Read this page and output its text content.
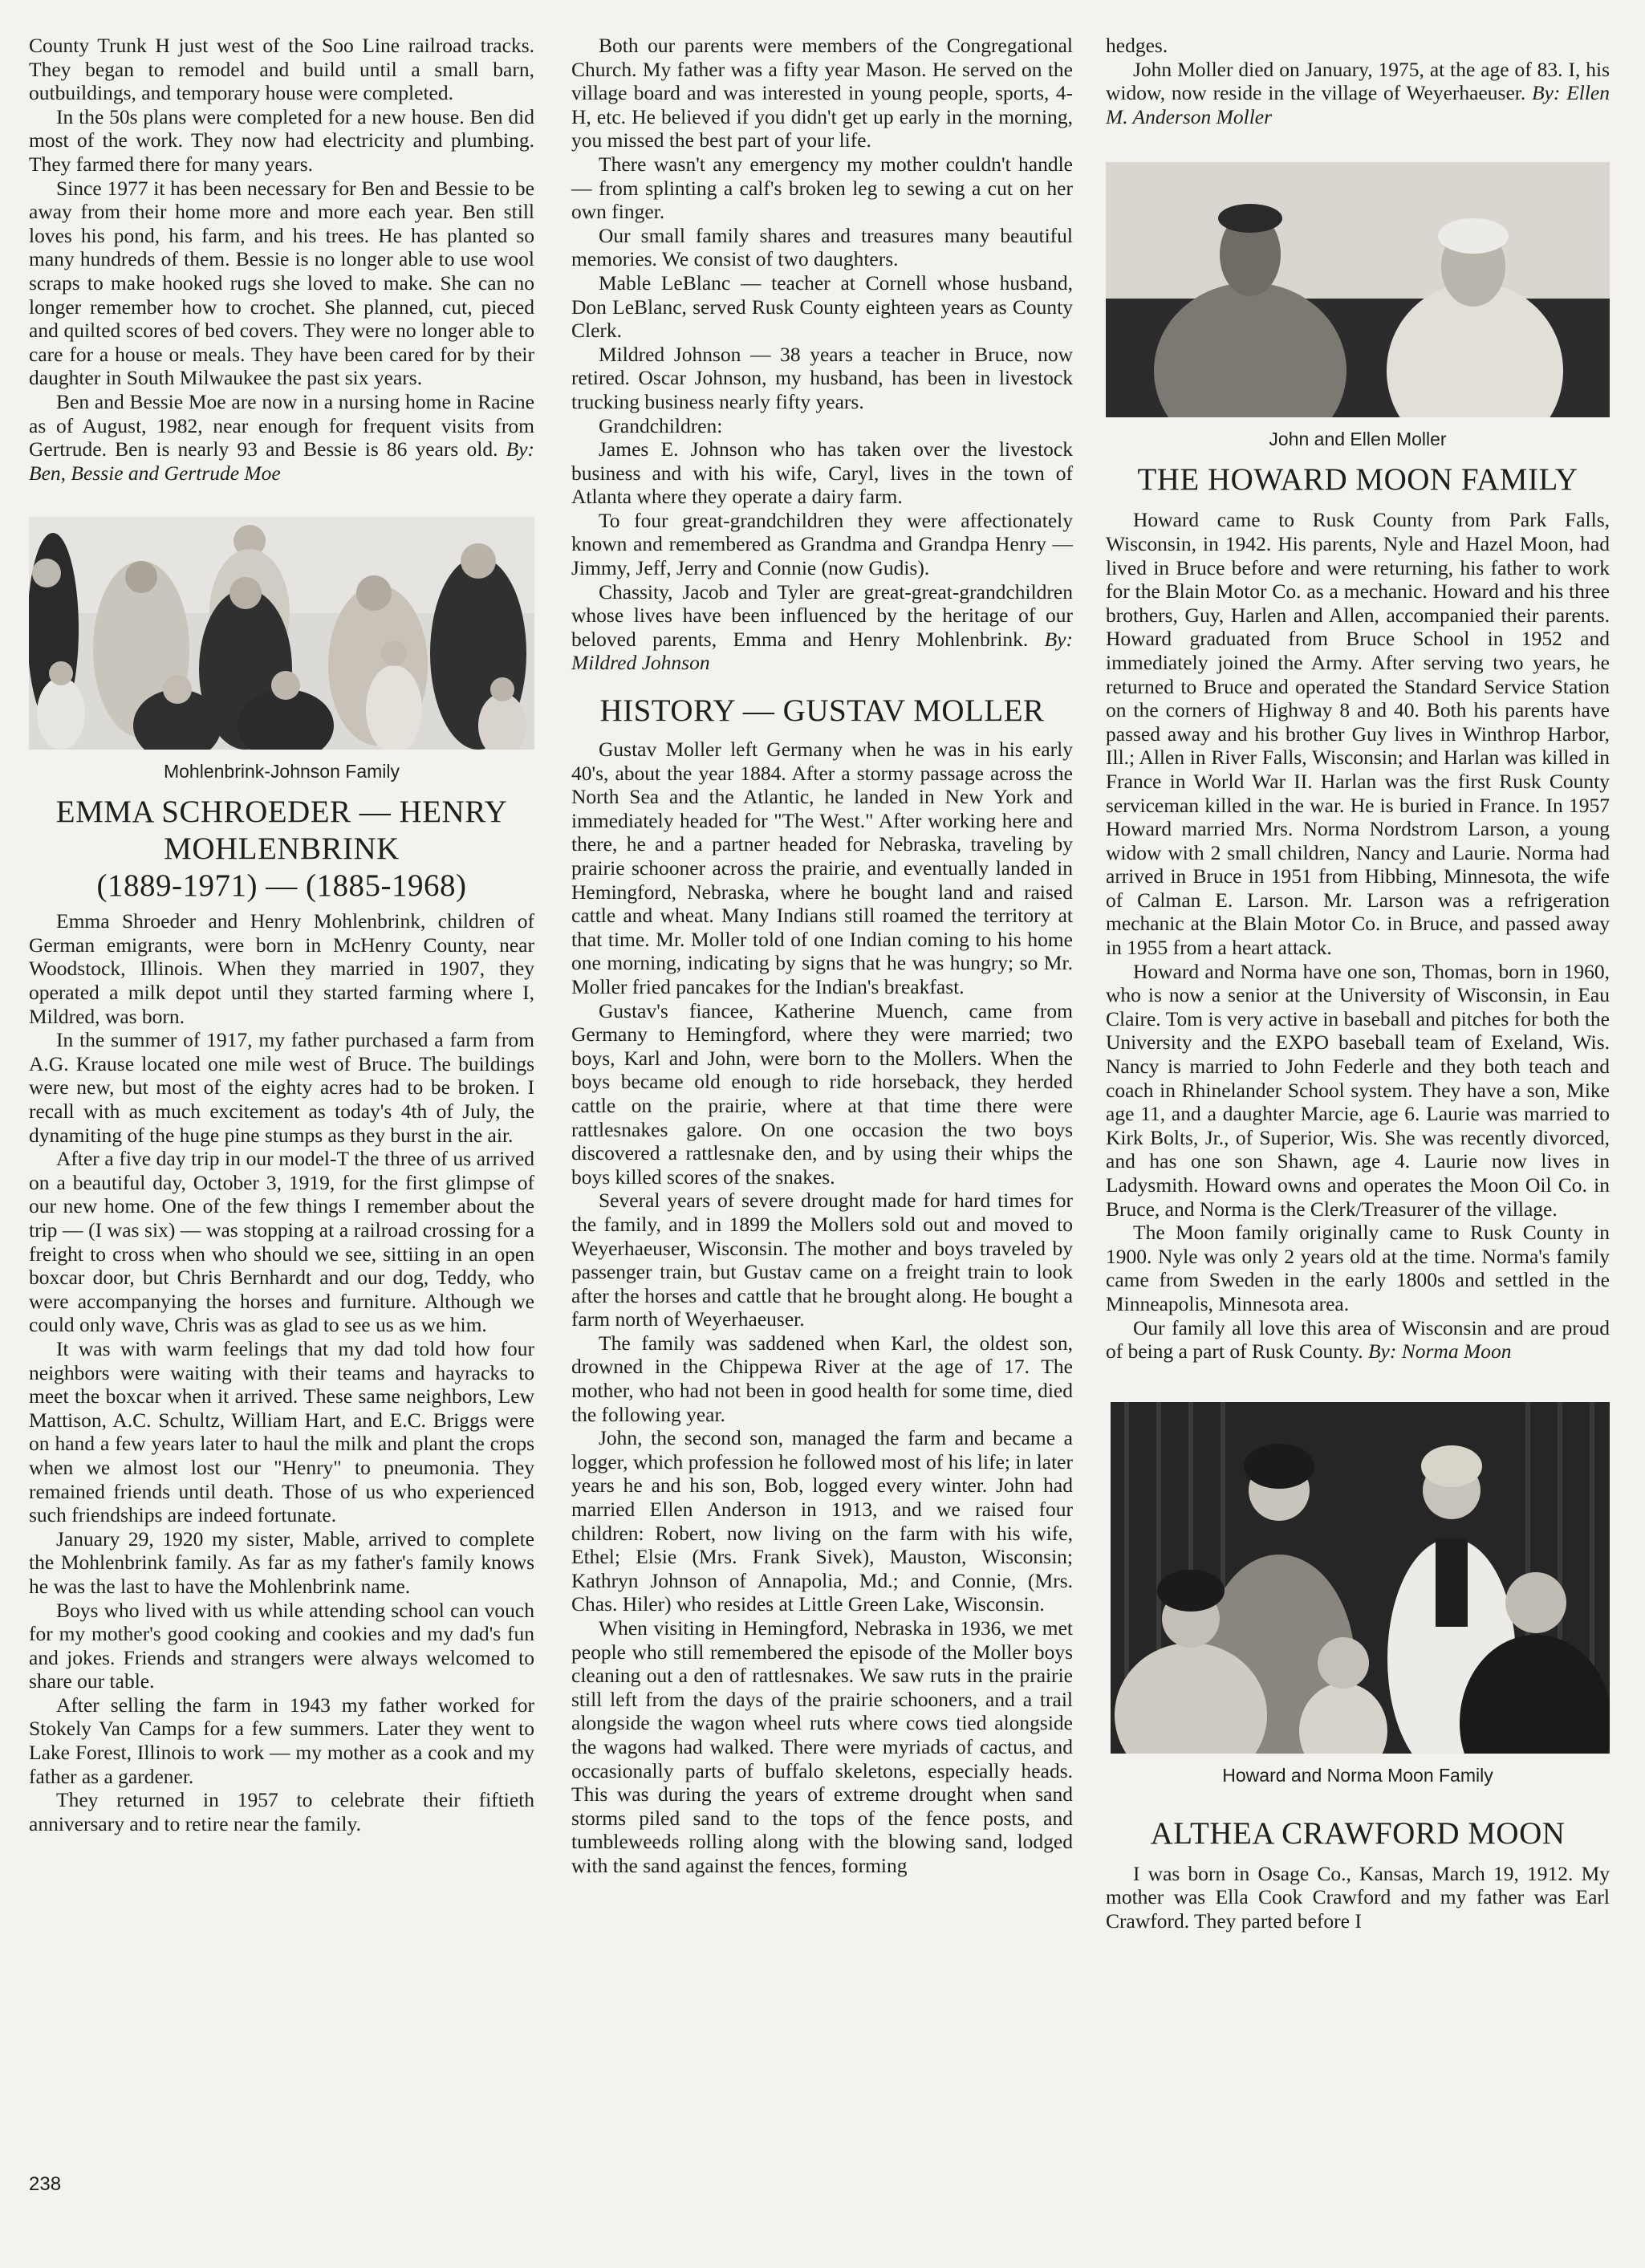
County Trunk H just west of the Soo Line railroad tracks. They began to remodel and build until a small barn, outbuildings, and temporary house were completed.

In the 50s plans were completed for a new house. Ben did most of the work. They now had electricity and plumbing. They farmed there for many years.

Since 1977 it has been necessary for Ben and Bessie to be away from their home more and more each year. Ben still loves his pond, his farm, and his trees. He has planted so many hundreds of them. Bessie is no longer able to use wool scraps to make hooked rugs she loved to make. She can no longer remember how to crochet. She planned, cut, pieced and quilted scores of bed covers. They were no longer able to care for a house or meals. They have been cared for by their daughter in South Milwaukee the past six years.

Ben and Bessie Moe are now in a nursing home in Racine as of August, 1982, near enough for frequent visits from Gertrude. Ben is nearly 93 and Bessie is 86 years old. By: Ben, Bessie and Gertrude Moe

Mohlenbrink-Johnson Family
EMMA SCHROEDER — HENRY MOHLENBRINK
(1889-1971) — (1885-1968)

Emma Shroeder and Henry Mohlenbrink, children of German emigrants, were born in McHenry County, near Woodstock, Illinois. When they married in 1907, they operated a milk depot until they started farming where I, Mildred, was born.

In the summer of 1917, my father purchased a farm from A.G. Krause located one mile west of Bruce. The buildings were new, but most of the eighty acres had to be broken. I recall with as much excitement as today's 4th of July, the dynamiting of the huge pine stumps as they burst in the air.

After a five day trip in our model-T the three of us arrived on a beautiful day, October 3, 1919, for the first glimpse of our new home. One of the few things I remember about the trip — (I was six) — was stopping at a railroad crossing for a freight to cross when who should we see, sittiing in an open boxcar door, but Chris Bernhardt and our dog, Teddy, who were accompanying the horses and furniture. Although we could only wave, Chris was as glad to see us as we him.

It was with warm feelings that my dad told how four neighbors were waiting with their teams and hayracks to meet the boxcar when it arrived. These same neighbors, Lew Mattison, A.C. Schultz, William Hart, and E.C. Briggs were on hand a few years later to haul the milk and plant the crops when we almost lost our "Henry" to pneumonia. They remained friends until death. Those of us who experienced such friendships are indeed fortunate.

January 29, 1920 my sister, Mable, arrived to complete the Mohlenbrink family. As far as my father's family knows he was the last to have the Mohlenbrink name.

Boys who lived with us while attending school can vouch for my mother's good cooking and cookies and my dad's fun and jokes. Friends and strangers were always welcomed to share our table.

After selling the farm in 1943 my father worked for Stokely Van Camps for a few summers. Later they went to Lake Forest, Illinois to work — my mother as a cook and my father as a gardener.

They returned in 1957 to celebrate their fiftieth anniversary and to retire near the family.

Both our parents were members of the Congregational Church. My father was a fifty year Mason. He served on the village board and was interested in young people, sports, 4-H, etc. He believed if you didn't get up early in the morning, you missed the best part of your life.

There wasn't any emergency my mother couldn't handle — from splinting a calf's broken leg to sewing a cut on her own finger.

Our small family shares and treasures many beautiful memories. We consist of two daughters.

Mable LeBlanc — teacher at Cornell whose husband, Don LeBlanc, served Rusk County eighteen years as County Clerk.

Mildred Johnson — 38 years a teacher in Bruce, now retired. Oscar Johnson, my husband, has been in livestock trucking business nearly fifty years.

Grandchildren:

James E. Johnson who has taken over the livestock business and with his wife, Caryl, lives in the town of Atlanta where they operate a dairy farm.

To four great-grandchildren they were affectionately known and remembered as Grandma and Grandpa Henry — Jimmy, Jeff, Jerry and Connie (now Gudis).

Chassity, Jacob and Tyler are great-great-grandchildren whose lives have been influenced by the heritage of our beloved parents, Emma and Henry Mohlenbrink. By: Mildred Johnson

HISTORY — GUSTAV MOLLER

Gustav Moller left Germany when he was in his early 40's, about the year 1884. After a stormy passage across the North Sea and the Atlantic, he landed in New York and immediately headed for "The West." After working here and there, he and a partner headed for Nebraska, traveling by prairie schooner across the prairie, and eventually landed in Hemingford, Nebraska, where he bought land and raised cattle and wheat. Many Indians still roamed the territory at that time. Mr. Moller told of one Indian coming to his home one morning, indicating by signs that he was hungry; so Mr. Moller fried pancakes for the Indian's breakfast.

Gustav's fiancee, Katherine Muench, came from Germany to Hemingford, where they were married; two boys, Karl and John, were born to the Mollers. When the boys became old enough to ride horseback, they herded cattle on the prairie, where at that time there were rattlesnakes galore. On one occasion the two boys discovered a rattlesnake den, and by using their whips the boys killed scores of the snakes.

Several years of severe drought made for hard times for the family, and in 1899 the Mollers sold out and moved to Weyerhaeuser, Wisconsin. The mother and boys traveled by passenger train, but Gustav came on a freight train to look after the horses and cattle that he brought along. He bought a farm north of Weyerhaeuser.

The family was saddened when Karl, the oldest son, drowned in the Chippewa River at the age of 17. The mother, who had not been in good health for some time, died the following year.

John, the second son, managed the farm and became a logger, which profession he followed most of his life; in later years he and his son, Bob, logged every winter. John had married Ellen Anderson in 1913, and we raised four children: Robert, now living on the farm with his wife, Ethel; Elsie (Mrs. Frank Sivek), Mauston, Wisconsin; Kathryn Johnson of Annapolia, Md.; and Connie, (Mrs. Chas. Hiler) who resides at Little Green Lake, Wisconsin.

When visiting in Hemingford, Nebraska in 1936, we met people who still remembered the episode of the Moller boys cleaning out a den of rattlesnakes. We saw ruts in the prairie still left from the days of the prairie schooners, and a trail alongside the wagon wheel ruts where cows tied alongside the wagons had walked. There were myriads of cactus, and occasionally parts of buffalo skeletons, especially heads. This was during the years of extreme drought when sand storms piled sand to the tops of the fence posts, and tumbleweeds rolling along with the blowing sand, lodged with the sand against the fences, forming

hedges.

John Moller died on January, 1975, at the age of 83. I, his widow, now reside in the village of Weyerhaeuser. By: Ellen M. Anderson Moller

John and Ellen Moller
THE HOWARD MOON FAMILY

Howard came to Rusk County from Park Falls, Wisconsin, in 1942. His parents, Nyle and Hazel Moon, had lived in Bruce before and were returning, his father to work for the Blain Motor Co. as a mechanic. Howard and his three brothers, Guy, Harlen and Allen, accompanied their parents. Howard graduated from Bruce School in 1952 and immediately joined the Army. After serving two years, he returned to Bruce and operated the Standard Service Station on the corners of Highway 8 and 40. Both his parents have passed away and his brother Guy lives in Winthrop Harbor, Ill.; Allen in River Falls, Wisconsin; and Harlan was killed in France in World War II. Harlan was the first Rusk County serviceman killed in the war. He is buried in France. In 1957 Howard married Mrs. Norma Nordstrom Larson, a young widow with 2 small children, Nancy and Laurie. Norma had arrived in Bruce in 1951 from Hibbing, Minnesota, the wife of Calman E. Larson. Mr. Larson was a refrigeration mechanic at the Blain Motor Co. in Bruce, and passed away in 1955 from a heart attack.

Howard and Norma have one son, Thomas, born in 1960, who is now a senior at the University of Wisconsin, in Eau Claire. Tom is very active in baseball and pitches for both the University and the EXPO baseball team of Exeland, Wis. Nancy is married to John Federle and they both teach and coach in Rhinelander School system. They have a son, Mike age 11, and a daughter Marcie, age 6. Laurie was married to Kirk Bolts, Jr., of Superior, Wis. She was recently divorced, and has one son Shawn, age 4. Laurie now lives in Ladysmith. Howard owns and operates the Moon Oil Co. in Bruce, and Norma is the Clerk/Treasurer of the village.

The Moon family originally came to Rusk County in 1900. Nyle was only 2 years old at the time. Norma's family came from Sweden in the early 1800s and settled in the Minneapolis, Minnesota area.

Our family all love this area of Wisconsin and are proud of being a part of Rusk County. By: Norma Moon

Howard and Norma Moon Family
ALTHEA CRAWFORD MOON

I was born in Osage Co., Kansas, March 19, 1912. My mother was Ella Cook Crawford and my father was Earl Crawford. They parted before I

238
